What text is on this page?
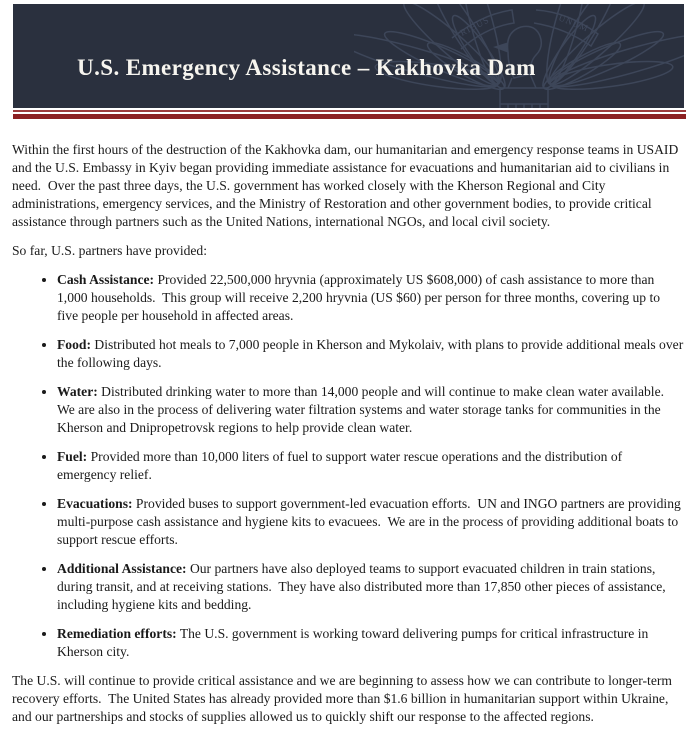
RIBUS	UNUM
U.S. Emergency Assistance – Kakhovka Dam

Within the first hours of the destruction of the Kakhovka dam, our humanitarian and emergency response teams in USAID and the U.S. Embassy in Kyiv began providing immediate assistance for evacuations and humanitarian aid to civilians in need.  Over the past three days, the U.S. government has worked closely with the Kherson Regional and City administrations, emergency services, and the Ministry of Restoration and other government bodies, to provide critical assistance through partners such as the United Nations, international NGOs, and local civil society.

So far, U.S. partners have provided:

• Cash Assistance: Provided 22,500,000 hryvnia (approximately US $608,000) of cash assistance to more than 1,000 households.  This group will receive 2,200 hryvnia (US $60) per person for three months, covering up to five people per household in affected areas.
• Food: Distributed hot meals to 7,000 people in Kherson and Mykolaiv, with plans to provide additional meals over the following days.
• Water: Distributed drinking water to more than 14,000 people and will continue to make clean water available. We are also in the process of delivering water filtration systems and water storage tanks for communities in the Kherson and Dnipropetrovsk regions to help provide clean water.
• Fuel: Provided more than 10,000 liters of fuel to support water rescue operations and the distribution of emergency relief.
• Evacuations: Provided buses to support government-led evacuation efforts.  UN and INGO partners are providing multi-purpose cash assistance and hygiene kits to evacuees.  We are in the process of providing additional boats to support rescue efforts.
• Additional Assistance: Our partners have also deployed teams to support evacuated children in train stations, during transit, and at receiving stations.  They have also distributed more than 17,850 other pieces of assistance, including hygiene kits and bedding.
• Remediation efforts: The U.S. government is working toward delivering pumps for critical infrastructure in Kherson city.

The U.S. will continue to provide critical assistance and we are beginning to assess how we can contribute to longer-term recovery efforts.  The United States has already provided more than $1.6 billion in humanitarian support within Ukraine, and our partnerships and stocks of supplies allowed us to quickly shift our response to the affected regions.
